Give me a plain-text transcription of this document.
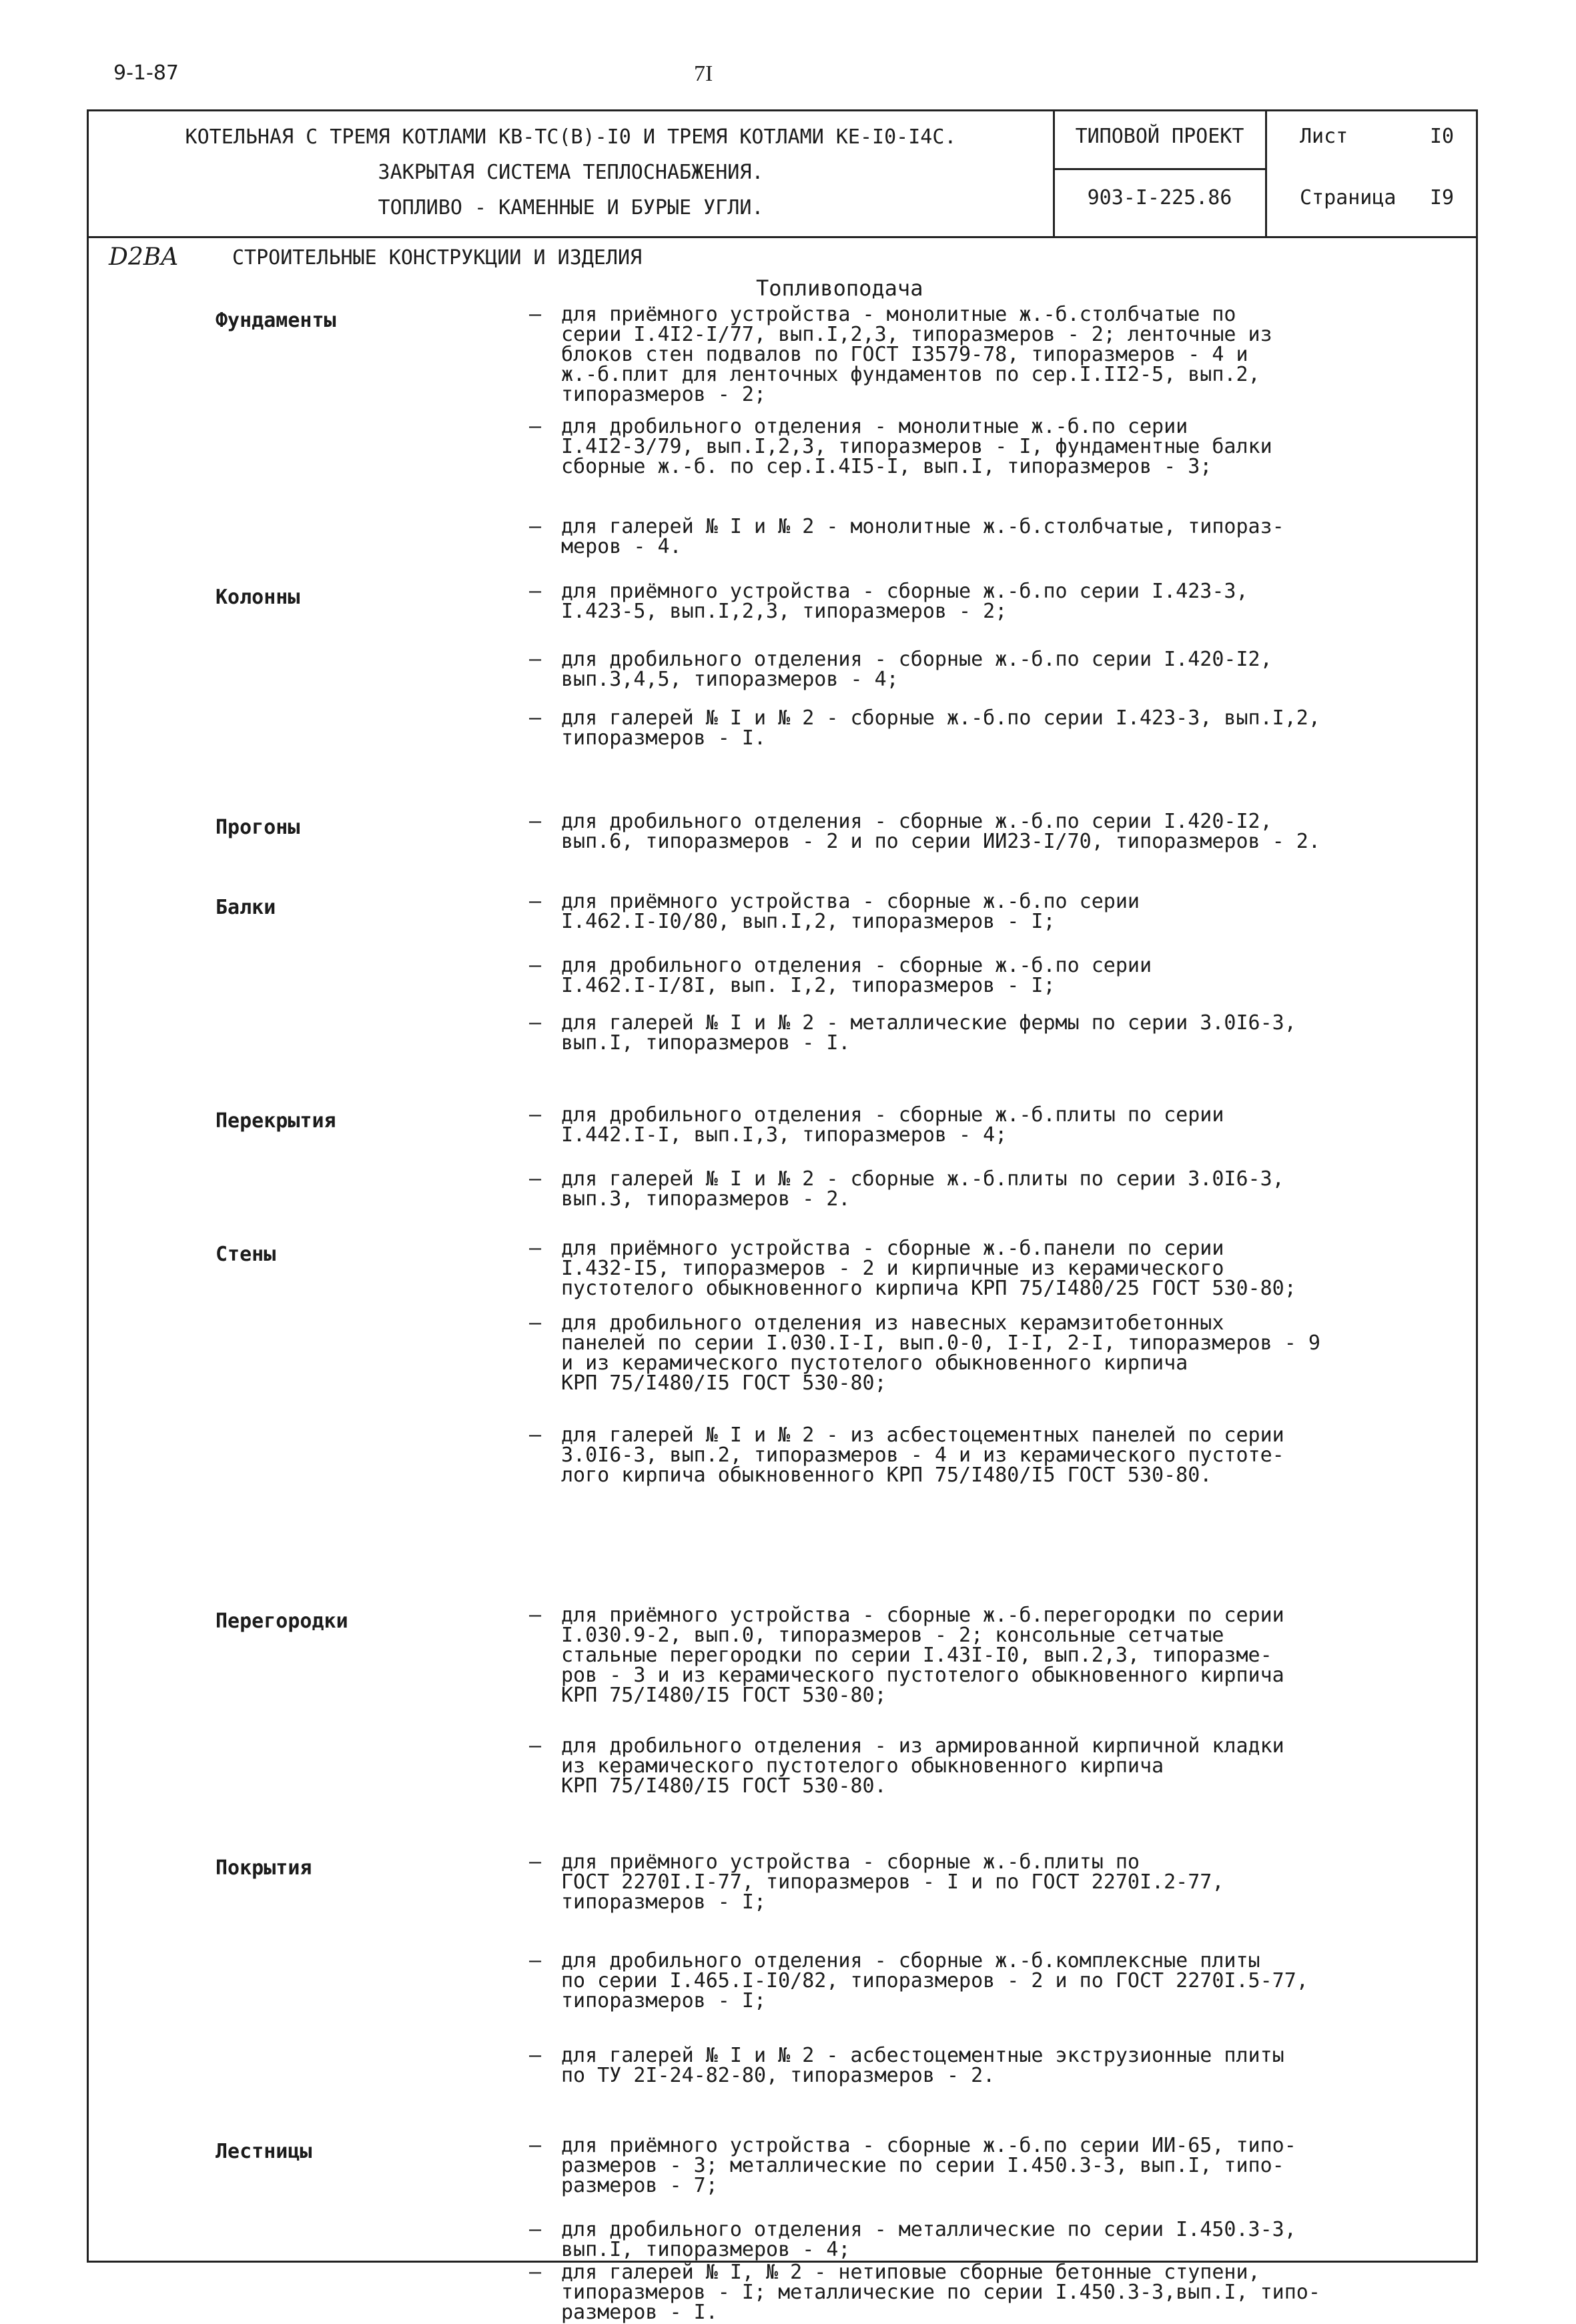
9-1-87	7I
КОТЕЛЬНАЯ С ТРЕМЯ КОТЛАМИ КВ-ТС(В)-I0 И ТРЕМЯ КОТЛАМИ КЕ-I0-I4С.
ЗАКРЫТАЯ СИСТЕМА ТЕПЛОСНАБЖЕНИЯ.
ТОПЛИВО - КАМЕННЫЕ И БУРЫЕ УГЛИ.
ТИПОВОЙ ПРОЕКТ
903-I-225.86
Лист	I0
Страница I9
D2BA	СТРОИТЕЛЬНЫЕ КОНСТРУКЦИИ И ИЗДЕЛИЯ
Топливоподача
Фундаменты	– для приёмного устройства - монолитные ж.-б.столбчатые по
серии I.4I2-I/77, вып.I,2,3, типоразмеров - 2; ленточные из
блоков стен подвалов по ГОСТ I3579-78, типоразмеров - 4 и
ж.-б.плит для ленточных фундаментов по сер.I.II2-5, вып.2,
типоразмеров - 2;
– для дробильного отделения - монолитные ж.-б.по серии
I.4I2-3/79, вып.I,2,3, типоразмеров - I, фундаментные балки
сборные ж.-б. по сер.I.4I5-I, вып.I, типоразмеров - 3;
– для галерей № I и № 2 - монолитные ж.-б.столбчатые, типораз-
меров - 4.
Колонны	– для приёмного устройства - сборные ж.-б.по серии I.423-3,
I.423-5, вып.I,2,3, типоразмеров - 2;
– для дробильного отделения - сборные ж.-б.по серии I.420-I2,
вып.3,4,5, типоразмеров - 4;
– для галерей № I и № 2 - сборные ж.-б.по серии I.423-3, вып.I,2,
типоразмеров - I.
Прогоны	– для дробильного отделения - сборные ж.-б.по серии I.420-I2,
вып.6, типоразмеров - 2 и по серии ИИ23-I/70, типоразмеров - 2.
Балки	– для приёмного устройства - сборные ж.-б.по серии
I.462.I-I0/80, вып.I,2, типоразмеров - I;
– для дробильного отделения - сборные ж.-б.по серии
I.462.I-I/8I, вып. I,2, типоразмеров - I;
– для галерей № I и № 2 - металлические фермы по серии 3.0I6-3,
вып.I, типоразмеров - I.
Перекрытия	– для дробильного отделения - сборные ж.-б.плиты по серии
I.442.I-I, вып.I,3, типоразмеров - 4;
– для галерей № I и № 2 - сборные ж.-б.плиты по серии 3.0I6-3,
вып.3, типоразмеров - 2.
Стены	– для приёмного устройства - сборные ж.-б.панели по серии
I.432-I5, типоразмеров - 2 и кирпичные из керамического
пустотелого обыкновенного кирпича КРП 75/I480/25 ГОСТ 530-80;
– для дробильного отделения из навесных керамзитобетонных
панелей по серии I.030.I-I, вып.0-0, I-I, 2-I, типоразмеров - 9
и из керамического пустотелого обыкновенного кирпича
КРП 75/I480/I5 ГОСТ 530-80;
– для галерей № I и № 2 - из асбестоцементных панелей по серии
3.0I6-3, вып.2, типоразмеров - 4 и из керамического пустоте-
лого кирпича обыкновенного КРП 75/I480/I5 ГОСТ 530-80.
Перегородки	– для приёмного устройства - сборные ж.-б.перегородки по серии
I.030.9-2, вып.0, типоразмеров - 2; консольные сетчатые
стальные перегородки по серии I.43I-I0, вып.2,3, типоразме-
ров - 3 и из керамического пустотелого обыкновенного кирпича
КРП 75/I480/I5 ГОСТ 530-80;
– для дробильного отделения - из армированной кирпичной кладки
из керамического пустотелого обыкновенного кирпича
КРП 75/I480/I5 ГОСТ 530-80.
Покрытия	– для приёмного устройства - сборные ж.-б.плиты по
ГОСТ 2270I.I-77, типоразмеров - I и по ГОСТ 2270I.2-77,
типоразмеров - I;
– для дробильного отделения - сборные ж.-б.комплексные плиты
по серии I.465.I-I0/82, типоразмеров - 2 и по ГОСТ 2270I.5-77,
типоразмеров - I;
– для галерей № I и № 2 - асбестоцементные экструзионные плиты
по ТУ 2I-24-82-80, типоразмеров - 2.
Лестницы	– для приёмного устройства - сборные ж.-б.по серии ИИ-65, типо-
размеров - 3; металлические по серии I.450.3-3, вып.I, типо-
размеров - 7;
– для дробильного отделения - металлические по серии I.450.3-3,
вып.I, типоразмеров - 4;
– для галерей № I, № 2 - нетиповые сборные бетонные ступени,
типоразмеров - I; металлические по серии I.450.3-3,вып.I, типо-
размеров - I.
